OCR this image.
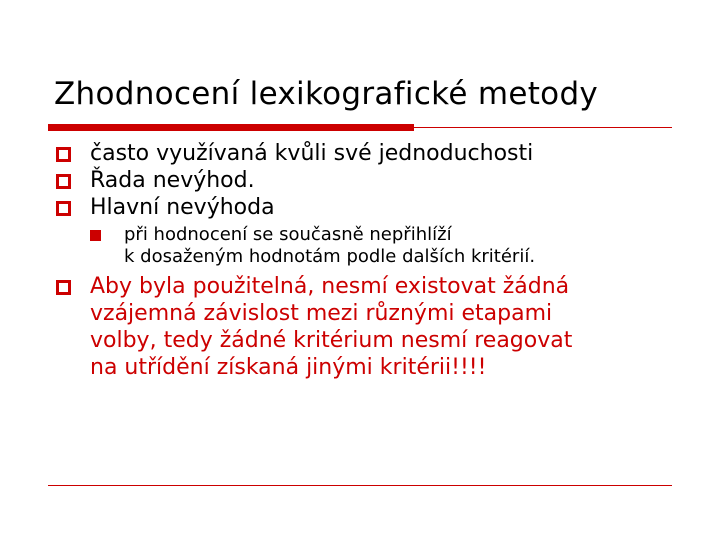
Zhodnocení lexikografické metody
často využívaná kvůli své jednoduchosti
Řada nevýhod.
Hlavní nevýhoda
při hodnocení se současně nepřihlíží
k dosaženým hodnotám podle dalších kritérií.
Aby byla použitelná, nesmí existovat žádná
vzájemná závislost mezi různými etapami
volby, tedy žádné kritérium nesmí reagovat
na utřídění získaná jinými kritérii!!!!
